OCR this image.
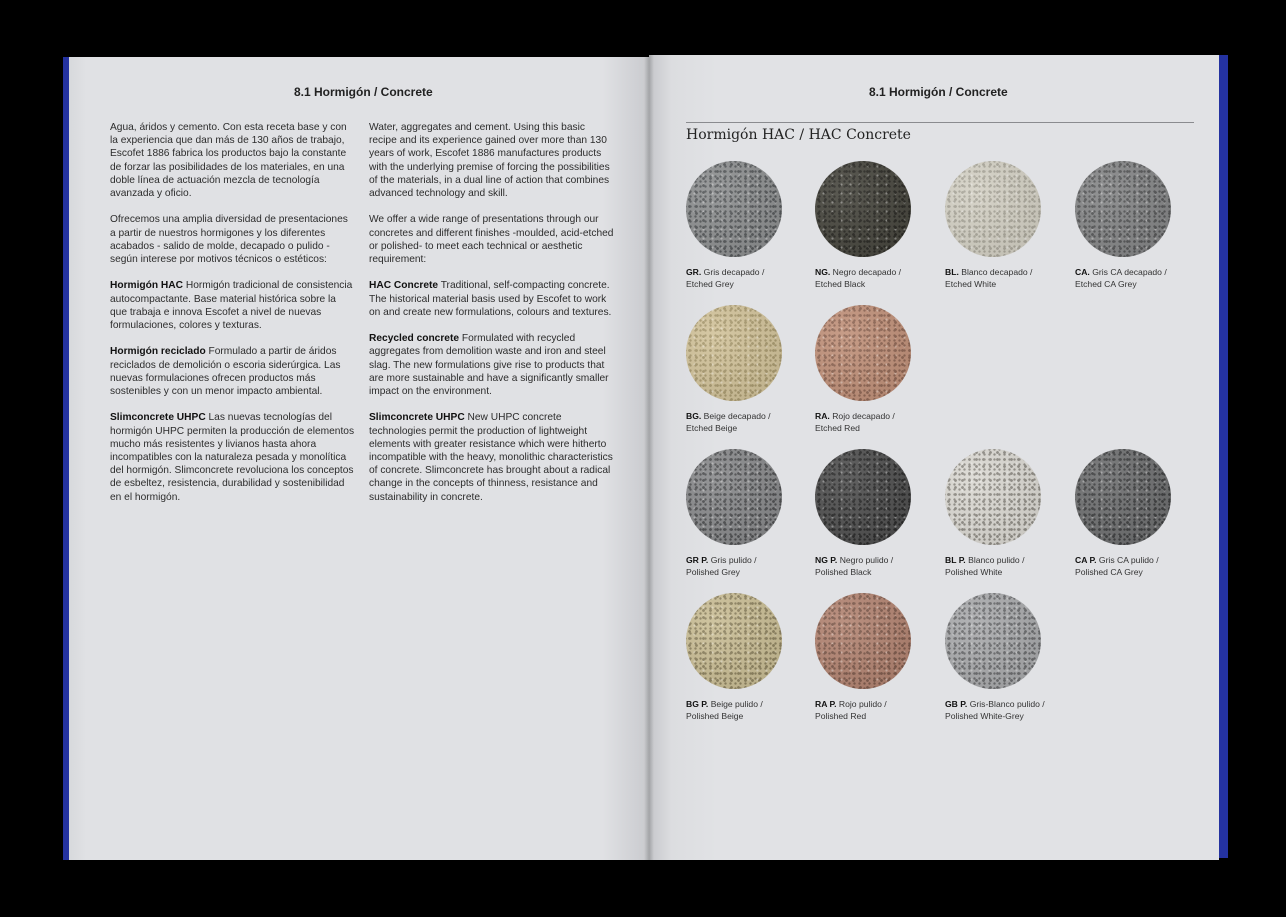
8.1 Hormigón / Concrete	8.1 Hormigón / Concrete

Agua, áridos y cemento. Con esta receta base y con la experiencia que dan más de 130 años de trabajo, Escofet 1886 fabrica los productos bajo la constante de forzar las posibilidades de los materiales, en una doble línea de actuación mezcla de tecnología avanzada y oficio.

Ofrecemos una amplia diversidad de presentaciones a partir de nuestros hormigones y los diferentes acabados - salido de molde, decapado o pulido - según interese por motivos técnicos o estéticos:

Hormigón HAC Hormigón tradicional de consistencia autocompactante. Base material histórica sobre la que trabaja e innova Escofet a nivel de nuevas formulaciones, colores y texturas.

Hormigón reciclado Formulado a partir de áridos reciclados de demolición o escoria siderúrgica. Las nuevas formulaciones ofrecen productos más sostenibles y con un menor impacto ambiental.

Slimconcrete UHPC Las nuevas tecnologías del hormigón UHPC permiten la producción de elementos mucho más resistentes y livianos hasta ahora incompatibles con la naturaleza pesada y monolítica del hormigón. Slimconcrete revoluciona los conceptos de esbeltez, resistencia, durabilidad y sostenibilidad en el hormigón.

Water, aggregates and cement. Using this basic recipe and its experience gained over more than 130 years of work, Escofet 1886 manufactures products with the underlying premise of forcing the possibilities of the materials, in a dual line of action that combines advanced technology and skill.

We offer a wide range of presentations through our concretes and different finishes -moulded, acid-etched or polished- to meet each technical or aesthetic requirement:

HAC Concrete Traditional, self-compacting concrete. The historical material basis used by Escofet to work on and create new formulations, colours and textures.

Recycled concrete Formulated with recycled aggregates from demolition waste and iron and steel slag. The new formulations give rise to products that are more sustainable and have a significantly smaller impact on the environment.

Slimconcrete UHPC New UHPC concrete technologies permit the production of lightweight elements with greater resistance which were hitherto incompatible with the heavy, monolithic characteristics of concrete. Slimconcrete has brought about a radical change in the concepts of thinness, resistance and sustainability in concrete.

Hormigón HAC / HAC Concrete
GR. Gris decapado /
Etched Grey
NG. Negro decapado /
Etched Black
BL. Blanco decapado /
Etched White
CA. Gris CA decapado /
Etched CA Grey
BG. Beige decapado /
Etched Beige
RA. Rojo decapado /
Etched Red
GR P. Gris pulido /
Polished Grey
NG P. Negro pulido /
Polished Black
BL P. Blanco pulido /
Polished White
CA P. Gris CA pulido /
Polished CA Grey
BG P. Beige pulido /
Polished Beige
RA P. Rojo pulido /
Polished Red
GB P. Gris-Blanco pulido /
Polished White-Grey
